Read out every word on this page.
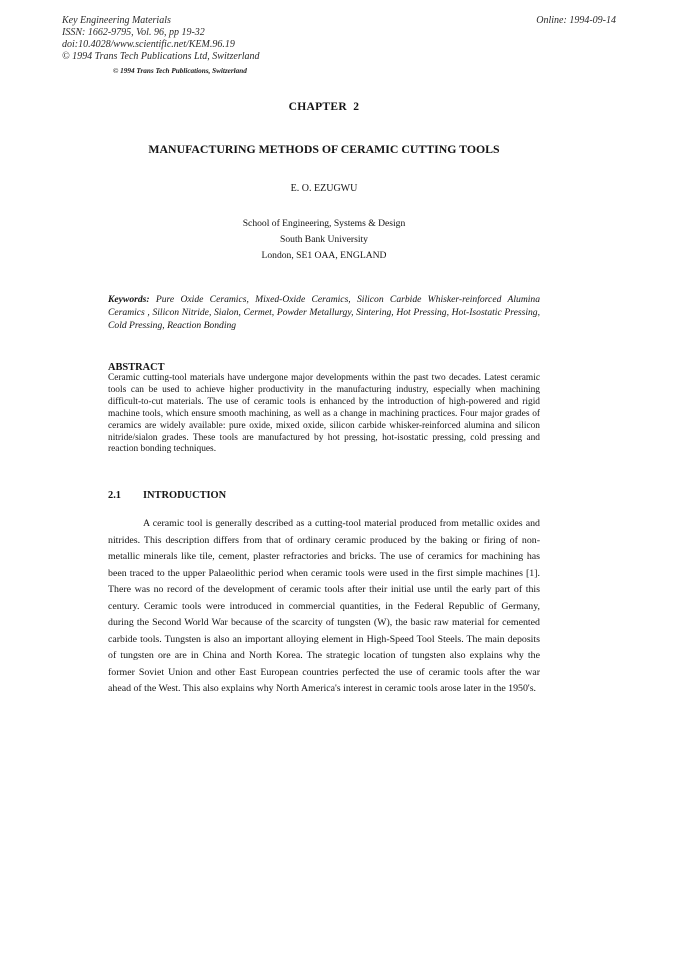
Key Engineering Materials
ISSN: 1662-9795, Vol. 96, pp 19-32
doi:10.4028/www.scientific.net/KEM.96.19
© 1994 Trans Tech Publications Ltd, Switzerland
Online: 1994-09-14
© 1994 Trans Tech Publications, Switzerland
CHAPTER  2
MANUFACTURING METHODS OF CERAMIC CUTTING TOOLS
E. O. EZUGWU
School of Engineering, Systems & Design
South Bank University
London, SE1 OAA, ENGLAND
Keywords: Pure Oxide Ceramics, Mixed-Oxide Ceramics, Silicon Carbide Whisker-reinforced Alumina Ceramics , Silicon Nitride, Sialon, Cermet, Powder Metallurgy, Sintering, Hot Pressing, Hot-Isostatic Pressing, Cold Pressing, Reaction Bonding
ABSTRACT
Ceramic cutting-tool materials have undergone major developments within the past two decades. Latest ceramic tools can be used to achieve higher productivity in the manufacturing industry, especially when machining difficult-to-cut materials. The use of ceramic tools is enhanced by the introduction of high-powered and rigid machine tools, which ensure smooth machining, as well as a change in machining practices. Four major grades of ceramics are widely available: pure oxide, mixed oxide, silicon carbide whisker-reinforced alumina and silicon nitride/sialon grades. These tools are manufactured by hot pressing, hot-isostatic pressing, cold pressing and reaction bonding techniques.
2.1 INTRODUCTION
A ceramic tool is generally described as a cutting-tool material produced from metallic oxides and nitrides. This description differs from that of ordinary ceramic produced by the baking or firing of non-metallic minerals like tile, cement, plaster refractories and bricks. The use of ceramics for machining has been traced to the upper Palaeolithic period when ceramic tools were used in the first simple machines [1]. There was no record of the development of ceramic tools after their initial use until the early part of this century. Ceramic tools were introduced in commercial quantities, in the Federal Republic of Germany, during the Second World War because of the scarcity of tungsten (W), the basic raw material for cemented carbide tools. Tungsten is also an important alloying element in High-Speed Tool Steels. The main deposits of tungsten ore are in China and North Korea. The strategic location of tungsten also explains why the former Soviet Union and other East European countries perfected the use of ceramic tools after the war ahead of the West. This also explains why North America's interest in ceramic tools arose later in the 1950's.
